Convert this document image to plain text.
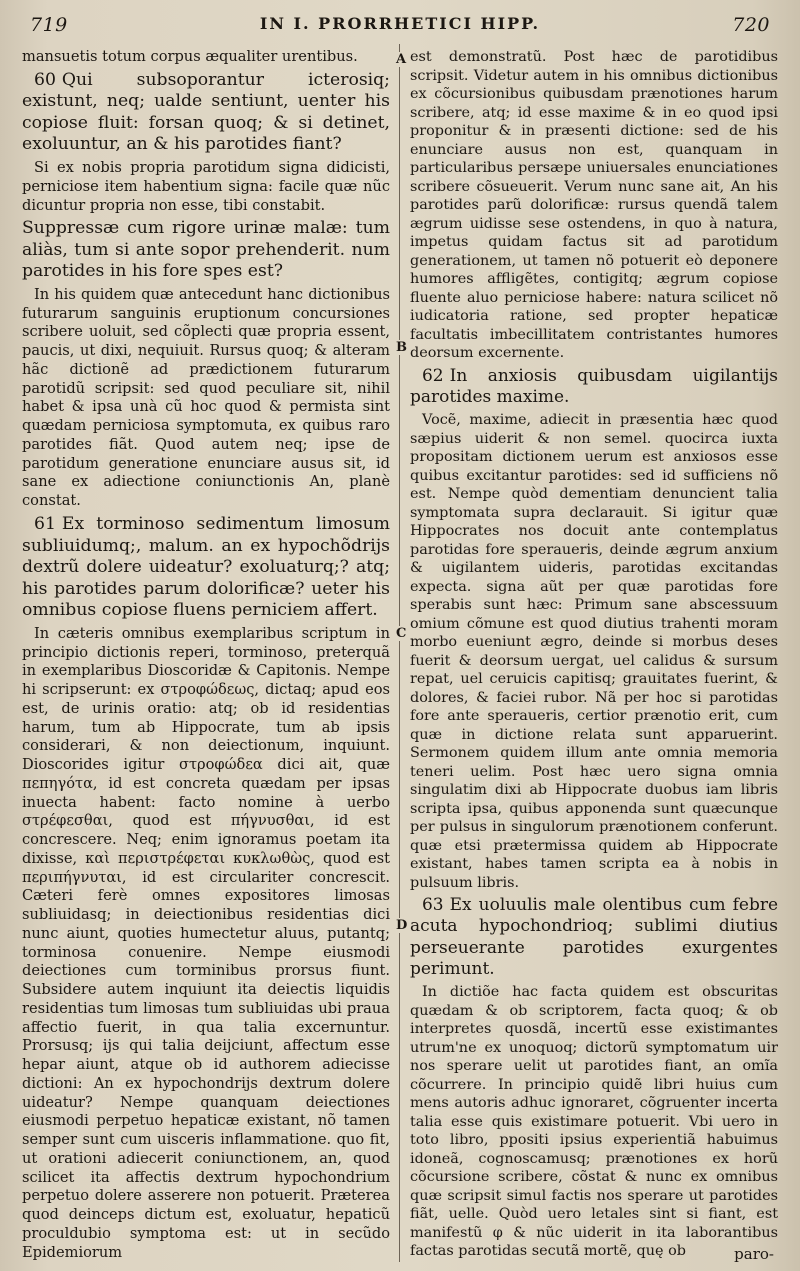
719	IN I. PRORRHETICI HIPP.	720

mansuetis totum corpus æqualiter urentibus.

60 Qui subsoporantur icterosiq; existunt, neq; ualde sentiunt, uenter his copiose fluit: forsan quoq; & si detinet, exoluuntur, an & his parotides fiant?

Si ex nobis propria parotidum signa didicisti, perniciose item habentium signa: facile quæ nũc dicuntur propria non esse, tibi constabit.

Suppressæ cum rigore urinæ malæ: tum aliàs, tum si ante sopor prehenderit. num parotides in his fore spes est?

In his quidem quæ antecedunt hanc dictionibus futurarum sanguinis eruptionum concursiones scribere uoluit, sed cõplecti quæ propria essent, paucis, ut dixi, nequiuit. Rursus quoq; & alteram hãc dictionẽ ad prædictionem futurarum parotidũ scripsit: sed quod peculiare sit, nihil habet & ipsa unà cũ hoc quod & permista sint quædam perniciosa symptomuta, ex quibus raro parotides fiãt. Quod autem neq; ipse de parotidum generatione enunciare ausus sit, id sane ex adiectione coniunctionis An, planè constat.

61 Ex torminoso sedimentum limosum subliuidumq;, malum. an ex hypochõdrijs dextrũ dolere uideatur? exoluaturq;? atq; his parotides parum dolorificæ? ueter his omnibus copiose fluens perniciem affert.

In cæteris omnibus exemplaribus scriptum in principio dictionis reperi, torminoso, preterquã in exemplaribus Dioscoridæ & Capitonis. Nempe hi scripserunt: ex στροφώδεως, dictaq; apud eos est, de urinis oratio: atq; ob id residentias harum, tum ab Hippocrate, tum ab ipsis considerari, & non deiectionum, inquiunt. Dioscorides igitur στροφώδεα dici ait, quæ πεπηγότα, id est concreta quædam per ipsas inuecta habent: facto nomine à uerbo στρέφεσθαι, quod est πήγνυσθαι, id est concrescere. Neq; enim ignoramus poetam ita dixisse, καὶ περιστρέφεται κυκλωθὼς, quod est περιπήγνυται, id est circulariter concrescit. Cæteri ferè omnes expositores limosas subliuidasq; in deiectionibus residentias dici nunc aiunt, quoties humectetur aluus, putantq; torminosa conuenire. Nempe eiusmodi deiectiones cum torminibus prorsus fiunt. Subsidere autem inquiunt ita deiectis liquidis residentias tum limosas tum subliuidas ubi praua affectio fuerit, in qua talia excernuntur. Prorsusq; ijs qui talia deijciunt, affectum esse hepar aiunt, atque ob id authorem adiecisse dictioni: An ex hypochondrijs dextrum dolere uideatur? Nempe quanquam deiectiones eiusmodi perpetuo hepaticæ existant, nõ tamen semper sunt cum uisceris inflammatione. quo fit, ut orationi adiecerit coniunctionem, an, quod scilicet ita affectis dextrum hypochondrium perpetuo dolere asserere non potuerit. Præterea quod deinceps dictum est, exoluatur, hepaticũ proculdubio symptoma est: ut in secũdo Epidemiorum

est demonstratũ. Post hæc de parotidibus scripsit. Videtur autem in his omnibus dictionibus ex cõcursionibus quibusdam prænotiones harum scribere, atq; id esse maxime & in eo quod ipsi proponitur & in præsenti dictione: sed de his enunciare ausus non est, quanquam in particularibus persæpe uniuersales enunciationes scribere cõsueuerit. Verum nunc sane ait, An his parotides parũ dolorificæ: rursus quendã talem ægrum uidisse sese ostendens, in quo à natura, impetus quidam factus sit ad parotidum generationem, ut tamen nõ potuerit eò deponere humores affligẽtes, contigitq; ægrum copiose fluente aluo perniciose habere: natura scilicet nõ iudicatoria ratione, sed propter hepaticæ facultatis imbecillitatem contristantes humores deorsum excernente.

62 In anxiosis quibusdam uigilantijs parotides maxime.

Vocẽ, maxime, adiecit in præsentia hæc quod sæpius uiderit & non semel. quocirca iuxta propositam dictionem uerum est anxiosos esse quibus excitantur parotides: sed id sufficiens nõ est. Nempe quòd dementiam denuncient talia symptomata supra declarauit. Si igitur quæ Hippocrates nos docuit ante contemplatus parotidas fore speraueris, deinde ægrum anxium & uigilantem uideris, parotidas excitandas expecta. signa aũt per quæ parotidas fore sperabis sunt hæc: Primum sane abscessuum omium cõmune est quod diutius trahenti moram morbo eueniunt ægro, deinde si morbus deses fuerit & deorsum uergat, uel calidus & sursum repat, uel ceruicis capitisq; grauitates fuerint, & dolores, & faciei rubor. Nã per hoc si parotidas fore ante speraueris, certior prænotio erit, cum quæ in dictione relata sunt apparuerint. Sermonem quidem illum ante omnia memoria teneri uelim. Post hæc uero signa omnia singulatim dixi ab Hippocrate duobus iam libris scripta ipsa, quibus apponenda sunt quæcunque per pulsus in singulorum prænotionem conferunt. quæ etsi prætermissa quidem ab Hippocrate existant, habes tamen scripta ea à nobis in pulsuum libris.

63 Ex uoluulis male olentibus cum febre acuta hypochondrioq; sublimi diutius perseuerante parotides exurgentes perimunt.

In dictiõe hac facta quidem est obscuritas quædam & ob scriptorem, facta quoq; & ob interpretes quosdã, incertũ esse existimantes utrum'ne ex unoquoq; dictorũ symptomatum uir nos sperare uelit ut parotides fiant, an omĩa cõcurrere. In principio quidẽ libri huius cum mens autoris adhuc ignoraret, cõgruenter incerta talia esse quis existimare potuerit. Vbi uero in toto libro, ppositi ipsius experientiã habuimus idoneã, cognoscamusq; prænotiones ex horũ cõcursione scribere, cõstat & nunc ex omnibus quæ scripsit simul factis nos sperare ut parotides fiãt, uelle. Quòd uero letales sint si fiant, est manifestũ φ & nũc uiderit in ita laborantibus factas parotidas secutã mortẽ, quę ob

A
B
C
D
paro-
